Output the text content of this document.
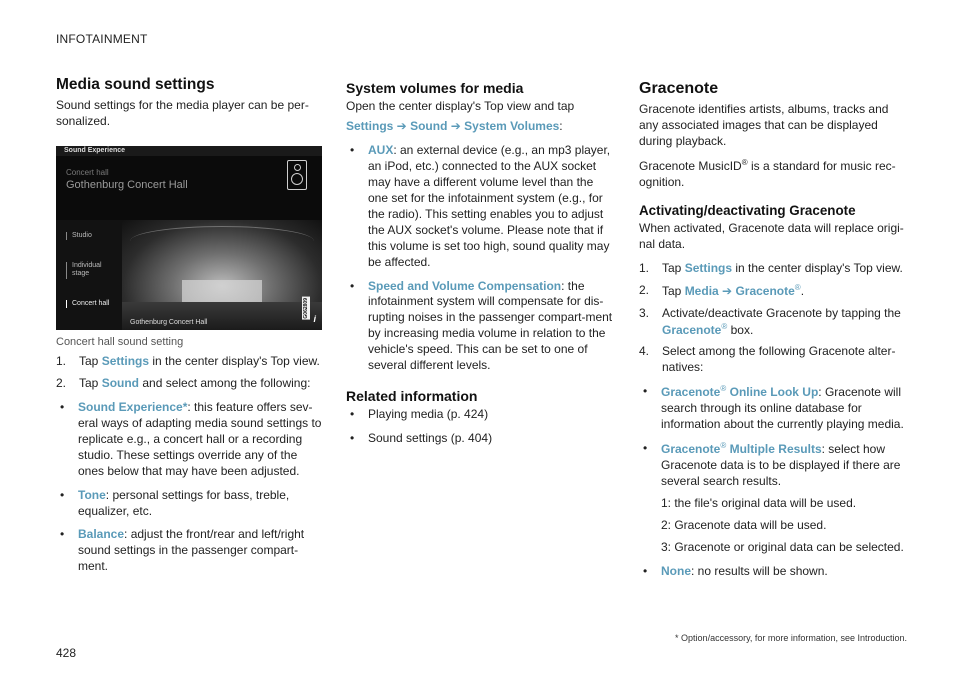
INFOTAINMENT
Media sound settings

Sound settings for the media player can be per-sonalized.

Sound Experience
Concert hall
Gothenburg Concert Hall
Studio
Individual stage
Concert hall
Gothenburg Concert Hall
G062809 i
Concert hall sound setting
1.	Tap Settings in the center display's Top view.
2.	Tap Sound and select among the following:
•	Sound Experience*: this feature offers sev-eral ways of adapting media sound settings to replicate e.g., a concert hall or a recording studio. These settings override any of the ones below that may have been adjusted.
•	Tone: personal settings for bass, treble, equalizer, etc.
•	Balance: adjust the front/rear and left/right sound settings in the passenger compart-ment.
System volumes for media

Open the center display's Top view and tap

Settings ➔ Sound ➔ System Volumes:

•	AUX: an external device (e.g., an mp3 player, an iPod, etc.) connected to the AUX socket may have a different volume level than the one set for the infotainment system (e.g., for the radio). This setting enables you to adjust the AUX socket's volume. Please note that if this volume is set too high, sound quality may be affected.
•	Speed and Volume Compensation: the infotainment system will compensate for dis-rupting noises in the passenger compart-ment by increasing media volume in relation to the vehicle's speed. This can be set to one of several different levels.
Related information
•	Playing media (p. 424)
•	Sound settings (p. 404)
Gracenote

Gracenote identifies artists, albums, tracks and any associated images that can be displayed during playback.

Gracenote MusicID® is a standard for music rec-ognition.

Activating/deactivating Gracenote

When activated, Gracenote data will replace origi-nal data.

1.	Tap Settings in the center display's Top view.
2.	Tap Media ➔ Gracenote®.
3.	Activate/deactivate Gracenote by tapping the Gracenote® box.
4.	Select among the following Gracenote alter-natives:
•	Gracenote® Online Look Up: Gracenote will search through its online database for information about the currently playing media.
•	Gracenote® Multiple Results: select how Gracenote data is to be displayed if there are several search results.
1: the file's original data will be used.
2: Gracenote data will be used.
3: Gracenote or original data can be selected.
•	None: no results will be shown.
* Option/accessory, for more information, see Introduction.
428
